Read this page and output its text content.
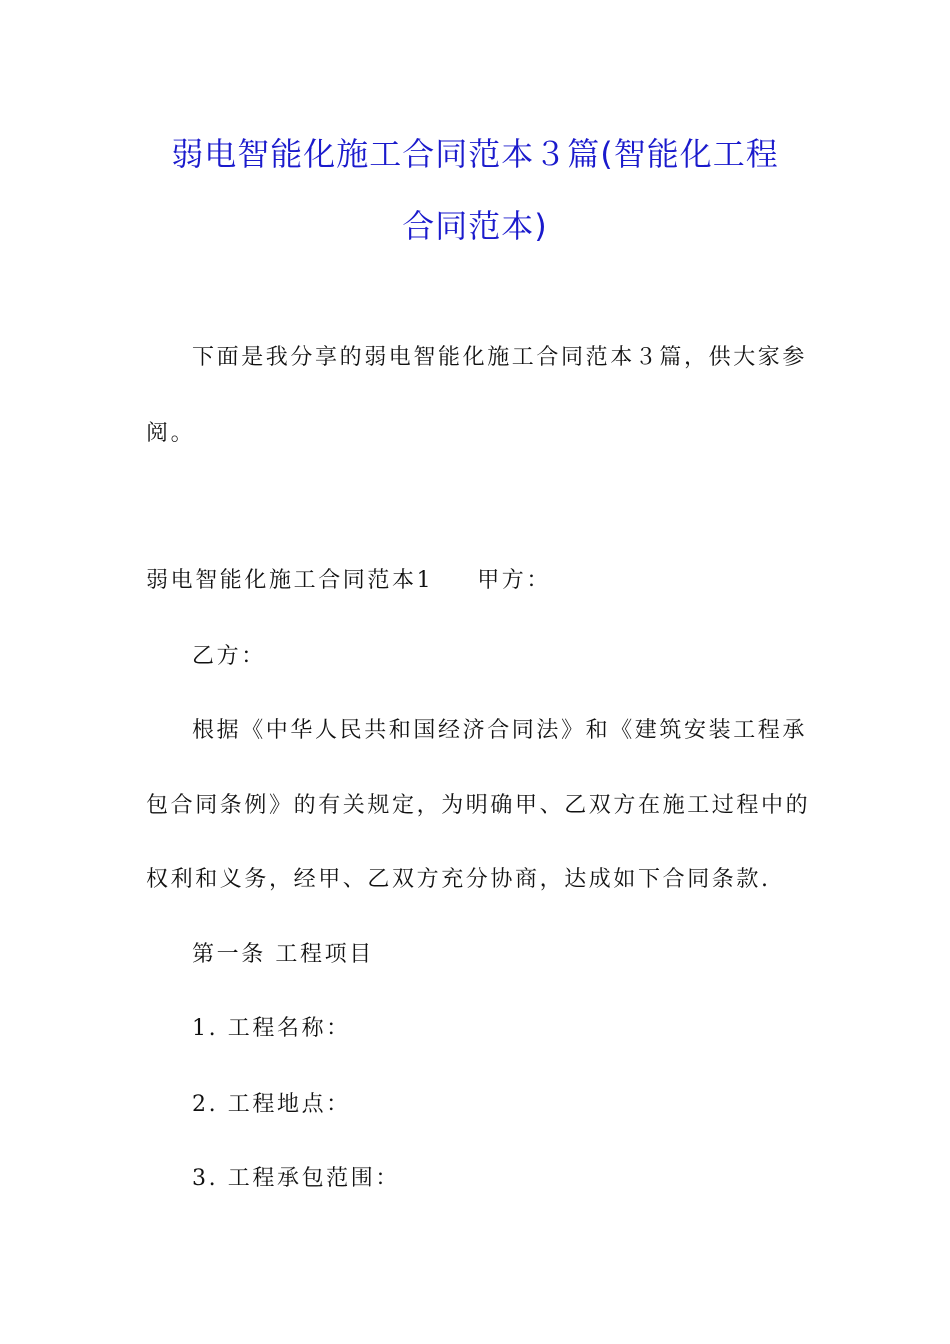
弱电智能化施工合同范本３篇(智能化工程
合同范本)
下面是我分享的弱电智能化施工合同范本３篇，供大家参
阅。
弱电智能化施工合同范本1 甲方：
乙方：
根据《中华人民共和国经济合同法》和《建筑安装工程承
包合同条例》的有关规定，为明确甲、乙双方在施工过程中的
权利和义务，经甲、乙双方充分协商，达成如下合同条款.
第一条 工程项目
1. 工程名称：
2. 工程地点：
3. 工程承包范围：
